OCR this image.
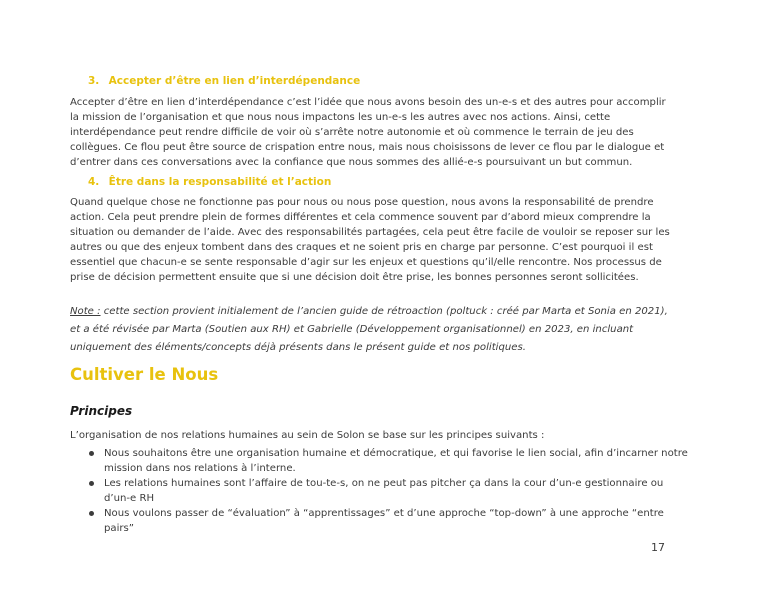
3. Accepter d’être en lien d’interdépendance

Accepter d’être en lien d’interdépendance c’est l’idée que nous avons besoin des un-e-s et des autres pour accomplir la mission de l’organisation et que nous nous impactons les un-e-s les autres avec nos actions. Ainsi, cette interdépendance peut rendre difficile de voir où s’arrête notre autonomie et où commence le terrain de jeu des collègues. Ce flou peut être source de crispation entre nous, mais nous choisissons de lever ce flou par le dialogue et d’entrer dans ces conversations avec la confiance que nous sommes des allié-e-s poursuivant un but commun.

4. Être dans la responsabilité et l’action

Quand quelque chose ne fonctionne pas pour nous ou nous pose question, nous avons la responsabilité de prendre action. Cela peut prendre plein de formes différentes et cela commence souvent par d’abord mieux comprendre la situation ou demander de l’aide. Avec des responsabilités partagées, cela peut être facile de vouloir se reposer sur les autres ou que des enjeux tombent dans des craques et ne soient pris en charge par personne. C’est pourquoi il est essentiel que chacun-e se sente responsable d’agir sur les enjeux et questions qu’il/elle rencontre. Nos processus de prise de décision permettent ensuite que si une décision doit être prise, les bonnes personnes seront sollicitées.

Note : cette section provient initialement de l’ancien guide de rétroaction (poltuck : créé par Marta et Sonia en 2021), et a été révisée par Marta (Soutien aux RH) et Gabrielle (Développement organisationnel) en 2023, en incluant uniquement des éléments/concepts déjà présents dans le présent guide et nos politiques.

Cultiver le Nous
Principes

L’organisation de nos relations humaines au sein de Solon se base sur les principes suivants :

Nous souhaitons être une organisation humaine et démocratique, et qui favorise le lien social, afin d’incarner notre mission dans nos relations à l’interne.
Les relations humaines sont l’affaire de tou-te-s, on ne peut pas pitcher ça dans la cour d’un-e gestionnaire ou d’un-e RH
Nous voulons passer de “évaluation” à “apprentissages” et d’une approche “top-down” à une approche “entre pairs”
17
